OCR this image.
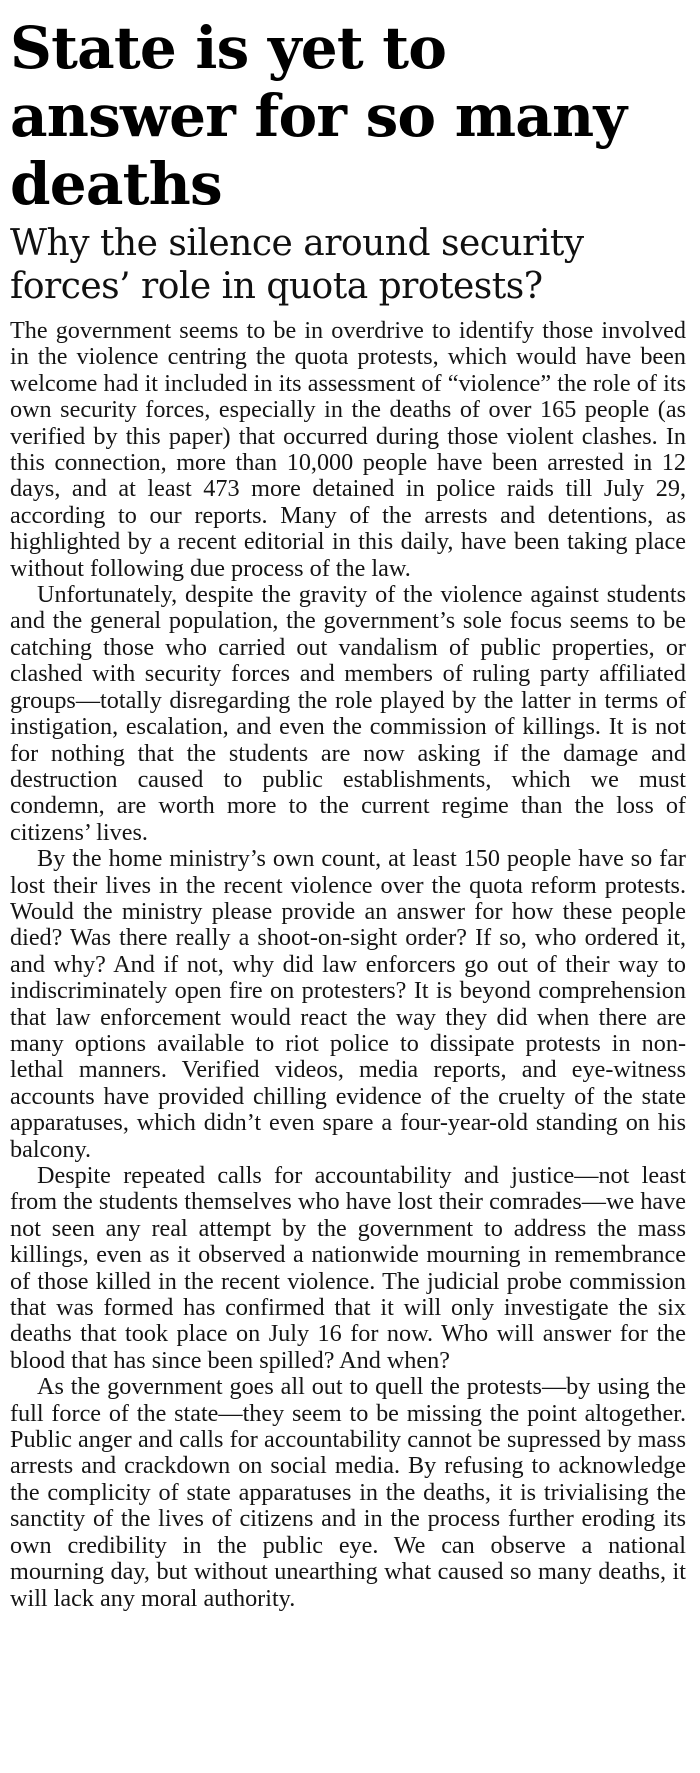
State is yet to answer for so many deaths
Why the silence around security forces’ role in quota protests?

The government seems to be in overdrive to identify those involved in the violence centring the quota protests, which would have been welcome had it included in its assessment of “violence” the role of its own security forces, especially in the deaths of over 165 people (as verified by this paper) that occurred during those violent clashes. In this connection, more than 10,000 people have been arrested in 12 days, and at least 473 more detained in police raids till July 29, according to our reports. Many of the arrests and detentions, as highlighted by a recent editorial in this daily, have been taking place without following due process of the law.

Unfortunately, despite the gravity of the violence against students and the general population, the government’s sole focus seems to be catching those who carried out vandalism of public properties, or clashed with security forces and members of ruling party affiliated groups—totally disregarding the role played by the latter in terms of instigation, escalation, and even the commission of killings. It is not for nothing that the students are now asking if the damage and destruction caused to public establishments, which we must condemn, are worth more to the current regime than the loss of citizens’ lives.

By the home ministry’s own count, at least 150 people have so far lost their lives in the recent violence over the quota reform protests. Would the ministry please provide an answer for how these people died? Was there really a shoot-on-sight order? If so, who ordered it, and why? And if not, why did law enforcers go out of their way to indiscriminately open fire on protesters? It is beyond comprehension that law enforcement would react the way they did when there are many options available to riot police to dissipate protests in non-lethal manners. Verified videos, media reports, and eye-witness accounts have provided chilling evidence of the cruelty of the state apparatuses, which didn’t even spare a four-year-old standing on his balcony.

Despite repeated calls for accountability and justice—not least from the students themselves who have lost their comrades—we have not seen any real attempt by the government to address the mass killings, even as it observed a nationwide mourning in remembrance of those killed in the recent violence. The judicial probe commission that was formed has confirmed that it will only investigate the six deaths that took place on July 16 for now. Who will answer for the blood that has since been spilled? And when?

As the government goes all out to quell the protests—by using the full force of the state—they seem to be missing the point altogether. Public anger and calls for accountability cannot be supressed by mass arrests and crackdown on social media. By refusing to acknowledge the complicity of state apparatuses in the deaths, it is trivialising the sanctity of the lives of citizens and in the process further eroding its own credibility in the public eye. We can observe a national mourning day, but without unearthing what caused so many deaths, it will lack any moral authority.
